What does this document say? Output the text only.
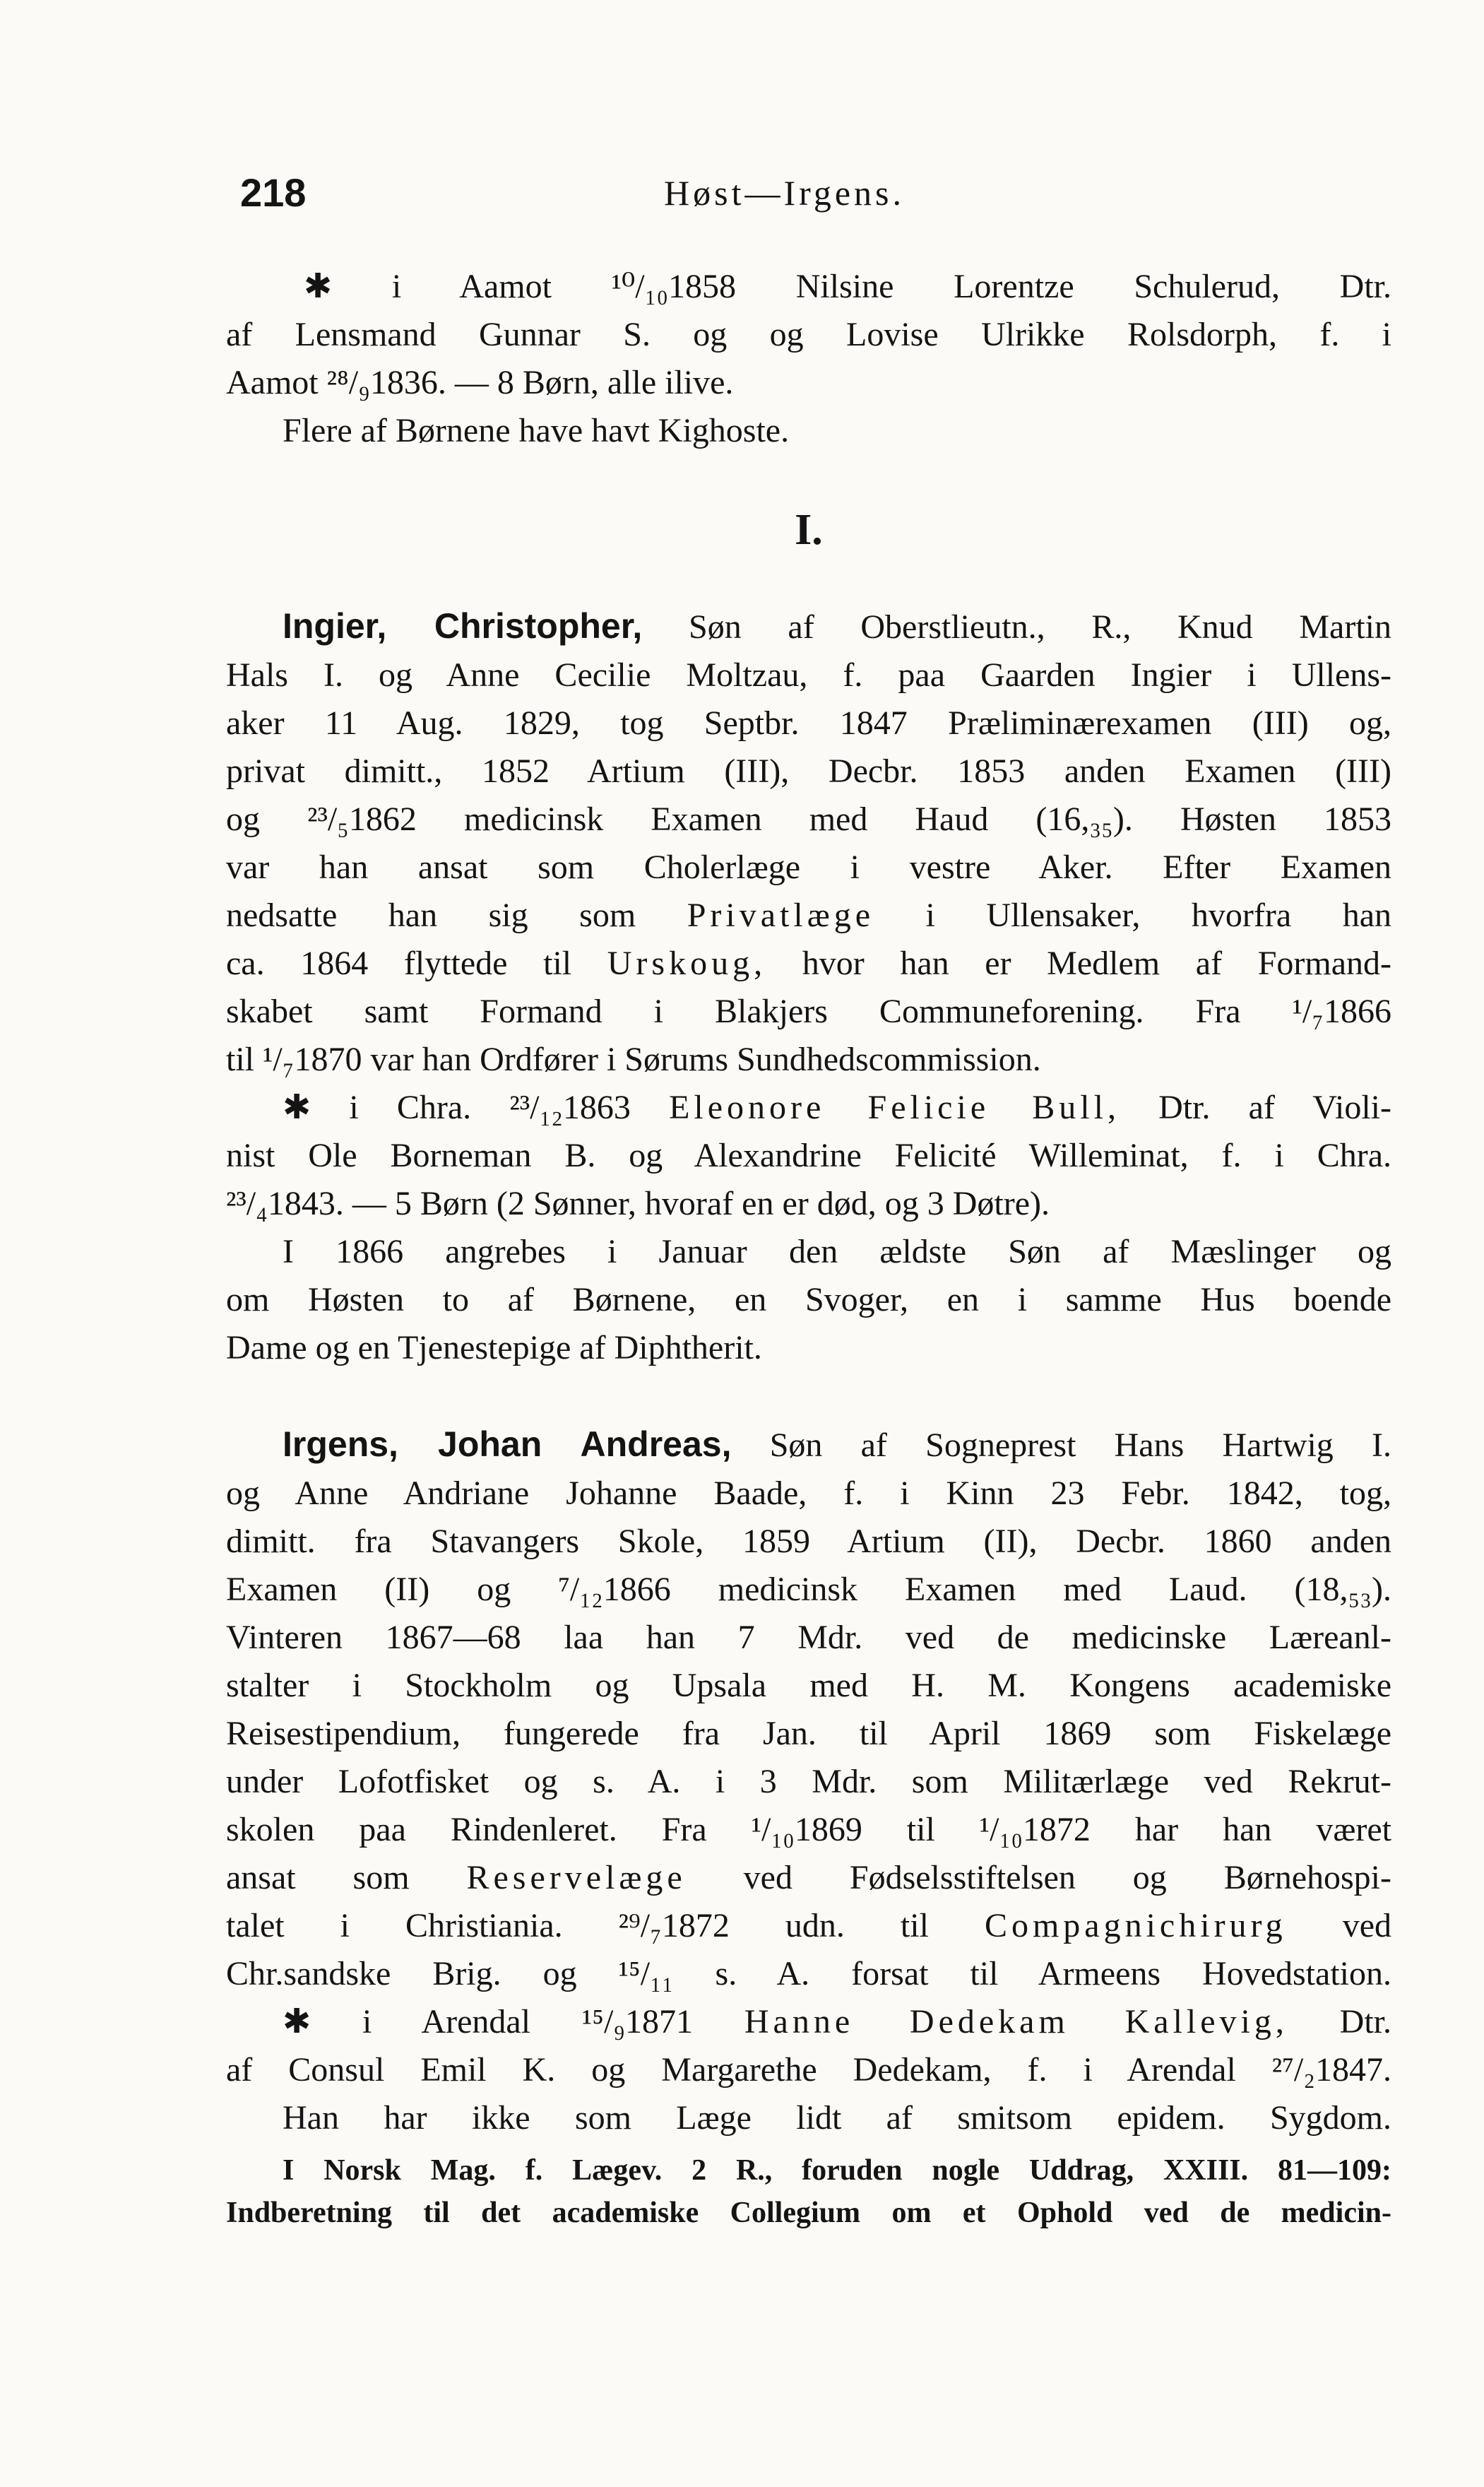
218	Høst—Irgens.
✱ i Aamot ¹⁰/₁₀1858 Nilsine Lorentze Schulerud, Dtr.
af Lensmand Gunnar S. og og Lovise Ulrikke Rolsdorph, f. i
Aamot ²⁸/₉1836. — 8 Børn, alle ilive.
Flere af Børnene have havt Kighoste.
I.
Ingier, Christopher, Søn af Oberstlieutn., R., Knud Martin
Hals I. og Anne Cecilie Moltzau, f. paa Gaarden Ingier i Ullens-
aker 11 Aug. 1829, tog Septbr. 1847 Præliminærexamen (III) og,
privat dimitt., 1852 Artium (III), Decbr. 1853 anden Examen (III)
og ²³/₅1862 medicinsk Examen med Haud (16,₃₅). Høsten 1853
var han ansat som Cholerlæge i vestre Aker. Efter Examen
nedsatte han sig som Privatlæge i Ullensaker, hvorfra han
ca. 1864 flyttede til Urskoug, hvor han er Medlem af Formand-
skabet samt Formand i Blakjers Communeforening. Fra ¹/₇1866
til ¹/₇1870 var han Ordfører i Sørums Sundhedscommission.
✱ i Chra. ²³/₁₂1863 Eleonore Felicie Bull, Dtr. af Violi-
nist Ole Borneman B. og Alexandrine Felicité Willeminat, f. i Chra.
²³/₄1843. — 5 Børn (2 Sønner, hvoraf en er død, og 3 Døtre).
I 1866 angrebes i Januar den ældste Søn af Mæslinger og
om Høsten to af Børnene, en Svoger, en i samme Hus boende
Dame og en Tjenestepige af Diphtherit.
Irgens, Johan Andreas, Søn af Sogneprest Hans Hartwig I.
og Anne Andriane Johanne Baade, f. i Kinn 23 Febr. 1842, tog,
dimitt. fra Stavangers Skole, 1859 Artium (II), Decbr. 1860 anden
Examen (II) og ⁷/₁₂1866 medicinsk Examen med Laud. (18,₅₃).
Vinteren 1867—68 laa han 7 Mdr. ved de medicinske Læreanl-
stalter i Stockholm og Upsala med H. M. Kongens academiske
Reisestipendium, fungerede fra Jan. til April 1869 som Fiskelæge
under Lofotfisket og s. A. i 3 Mdr. som Militærlæge ved Rekrut-
skolen paa Rindenleret. Fra ¹/₁₀1869 til ¹/₁₀1872 har han været
ansat som Reservelæge ved Fødselsstiftelsen og Børnehospi-
talet i Christiania. ²⁹/₇1872 udn. til Compagnichirurg ved
Chr.sandske Brig. og ¹⁵/₁₁ s. A. forsat til Armeens Hovedstation.
✱ i Arendal ¹⁵/₉1871 Hanne Dedekam Kallevig, Dtr.
af Consul Emil K. og Margarethe Dedekam, f. i Arendal ²⁷/₂1847.
Han har ikke som Læge lidt af smitsom epidem. Sygdom.
I Norsk Mag. f. Lægev. 2 R., foruden nogle Uddrag, XXIII. 81—109:
Indberetning til det academiske Collegium om et Ophold ved de medicin-
